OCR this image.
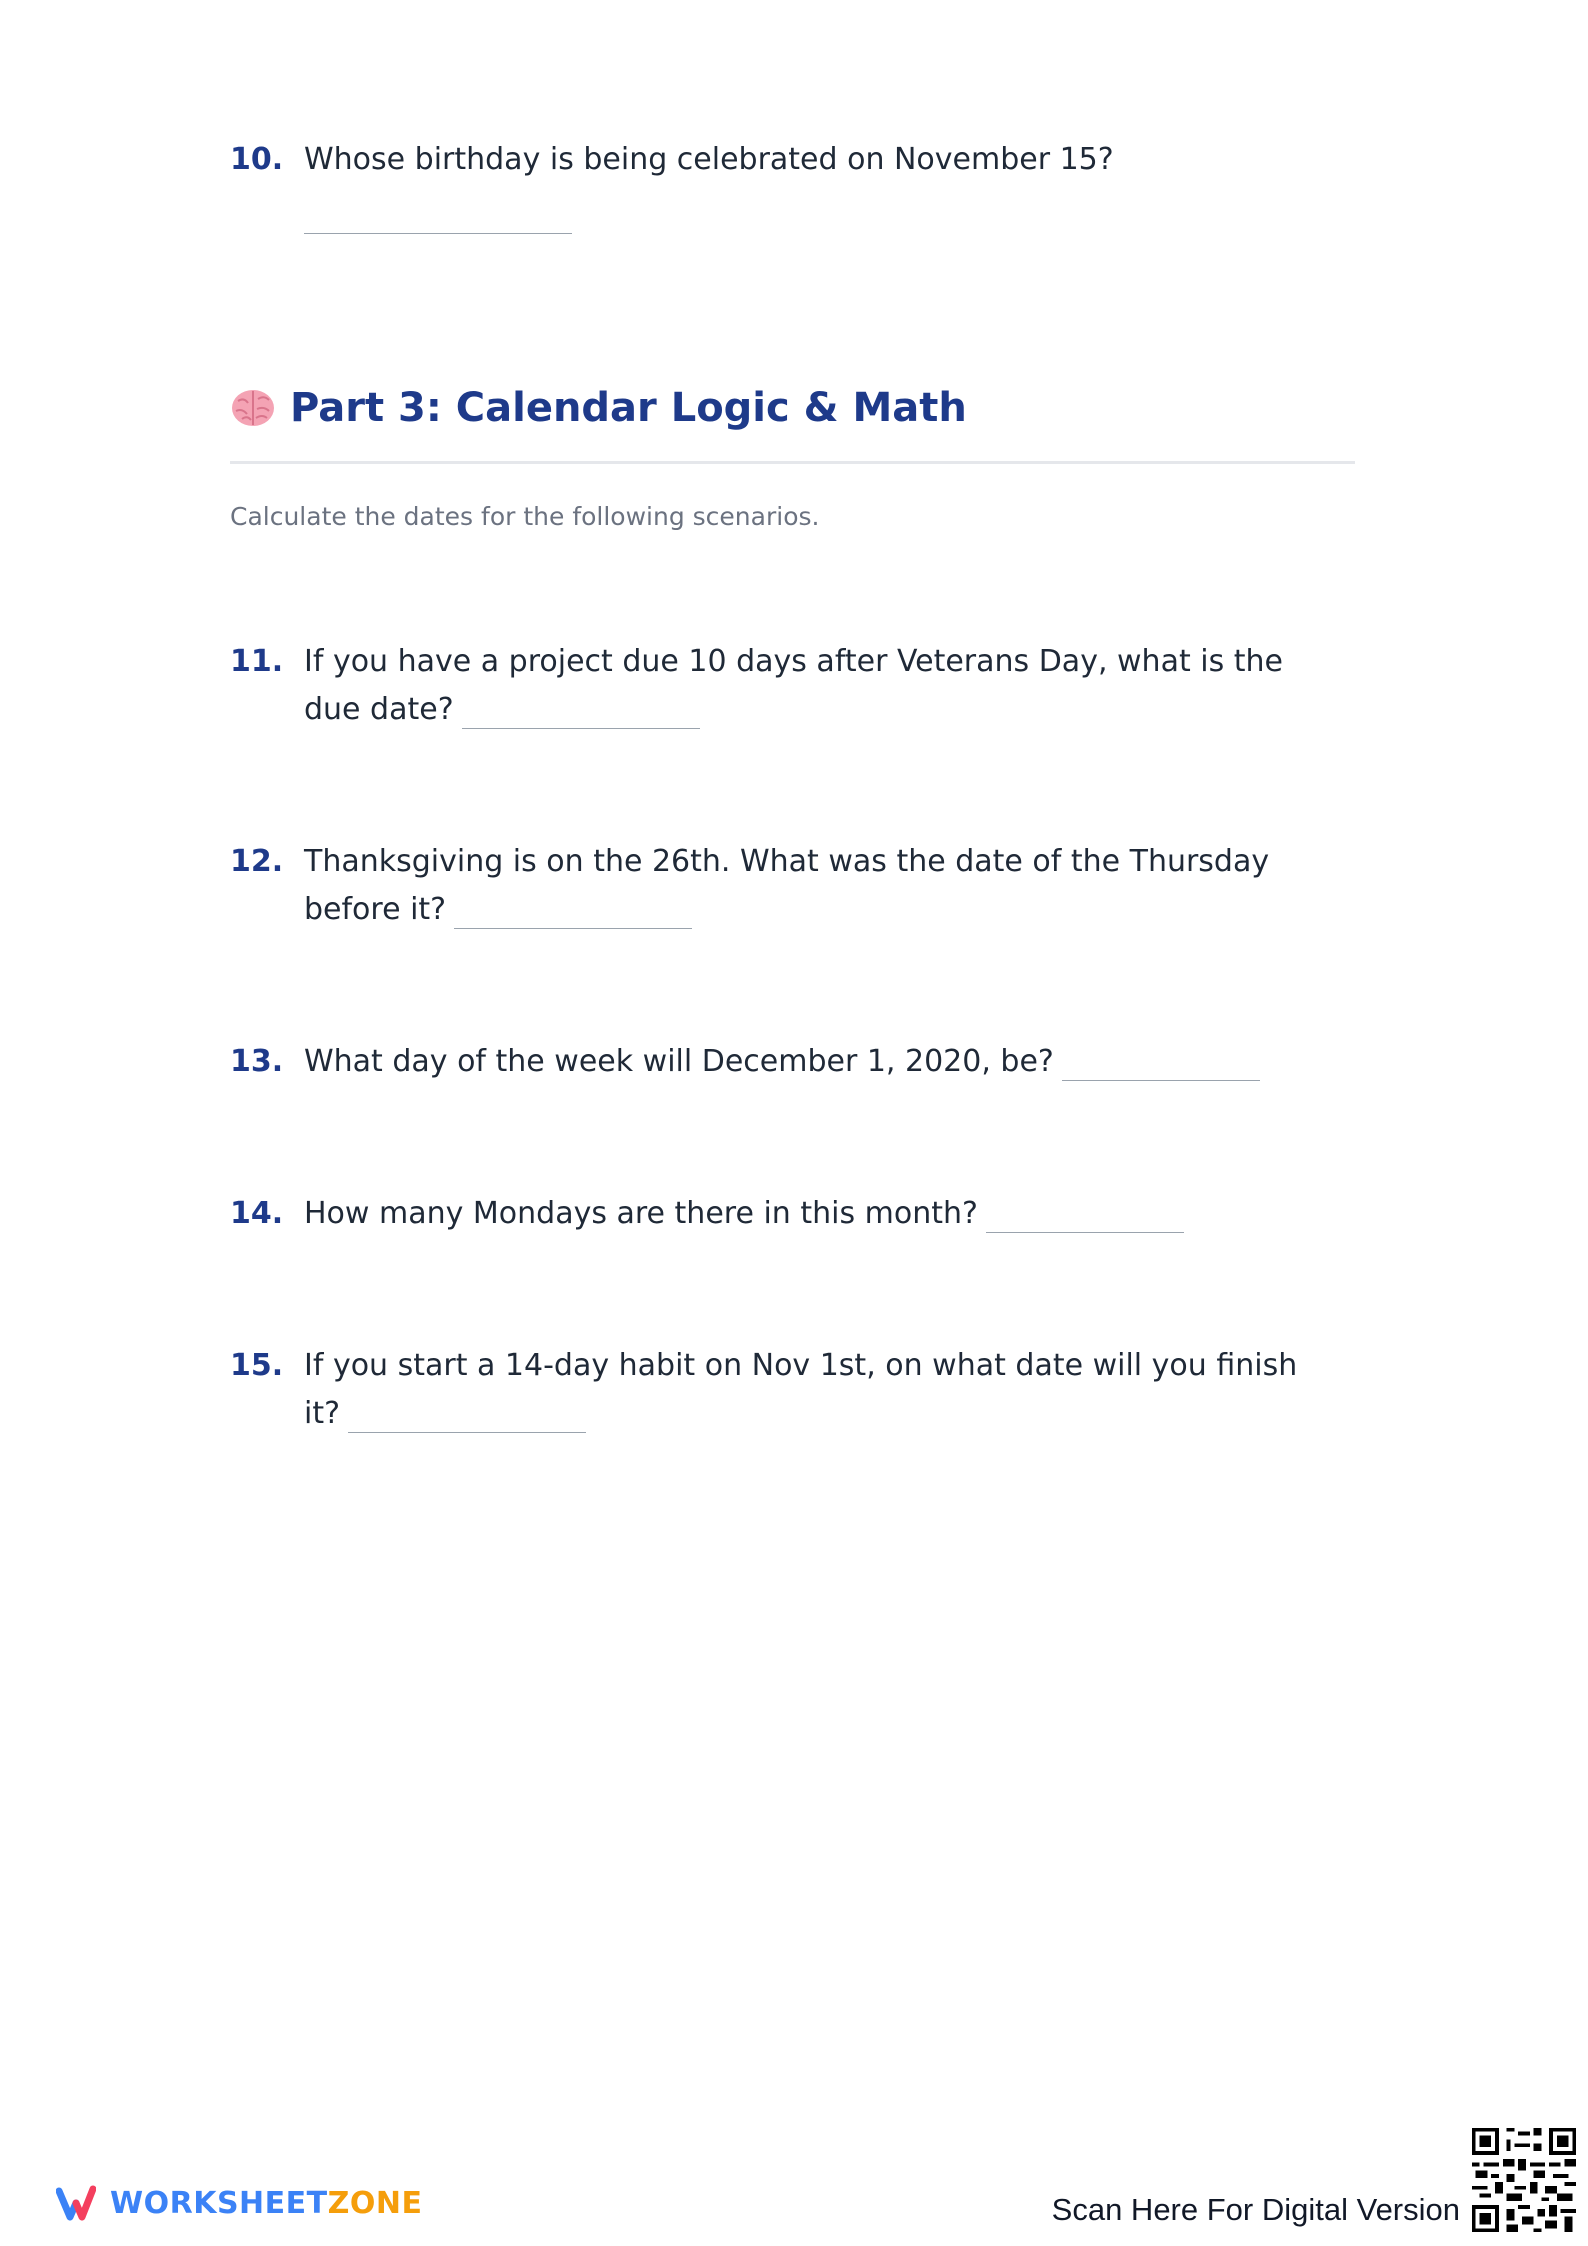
10. Whose birthday is being celebrated on November 15?
Part 3: Calendar Logic & Math
Calculate the dates for the following scenarios.
11. If you have a project due 10 days after Veterans Day, what is the
due date?
12. Thanksgiving is on the 26th. What was the date of the Thursday
before it?
13. What day of the week will December 1, 2020, be?
14. How many Mondays are there in this month?
15. If you start a 14-day habit on Nov 1st, on what date will you finish
it?
WORKSHEETZONE	Scan Here For Digital Version
